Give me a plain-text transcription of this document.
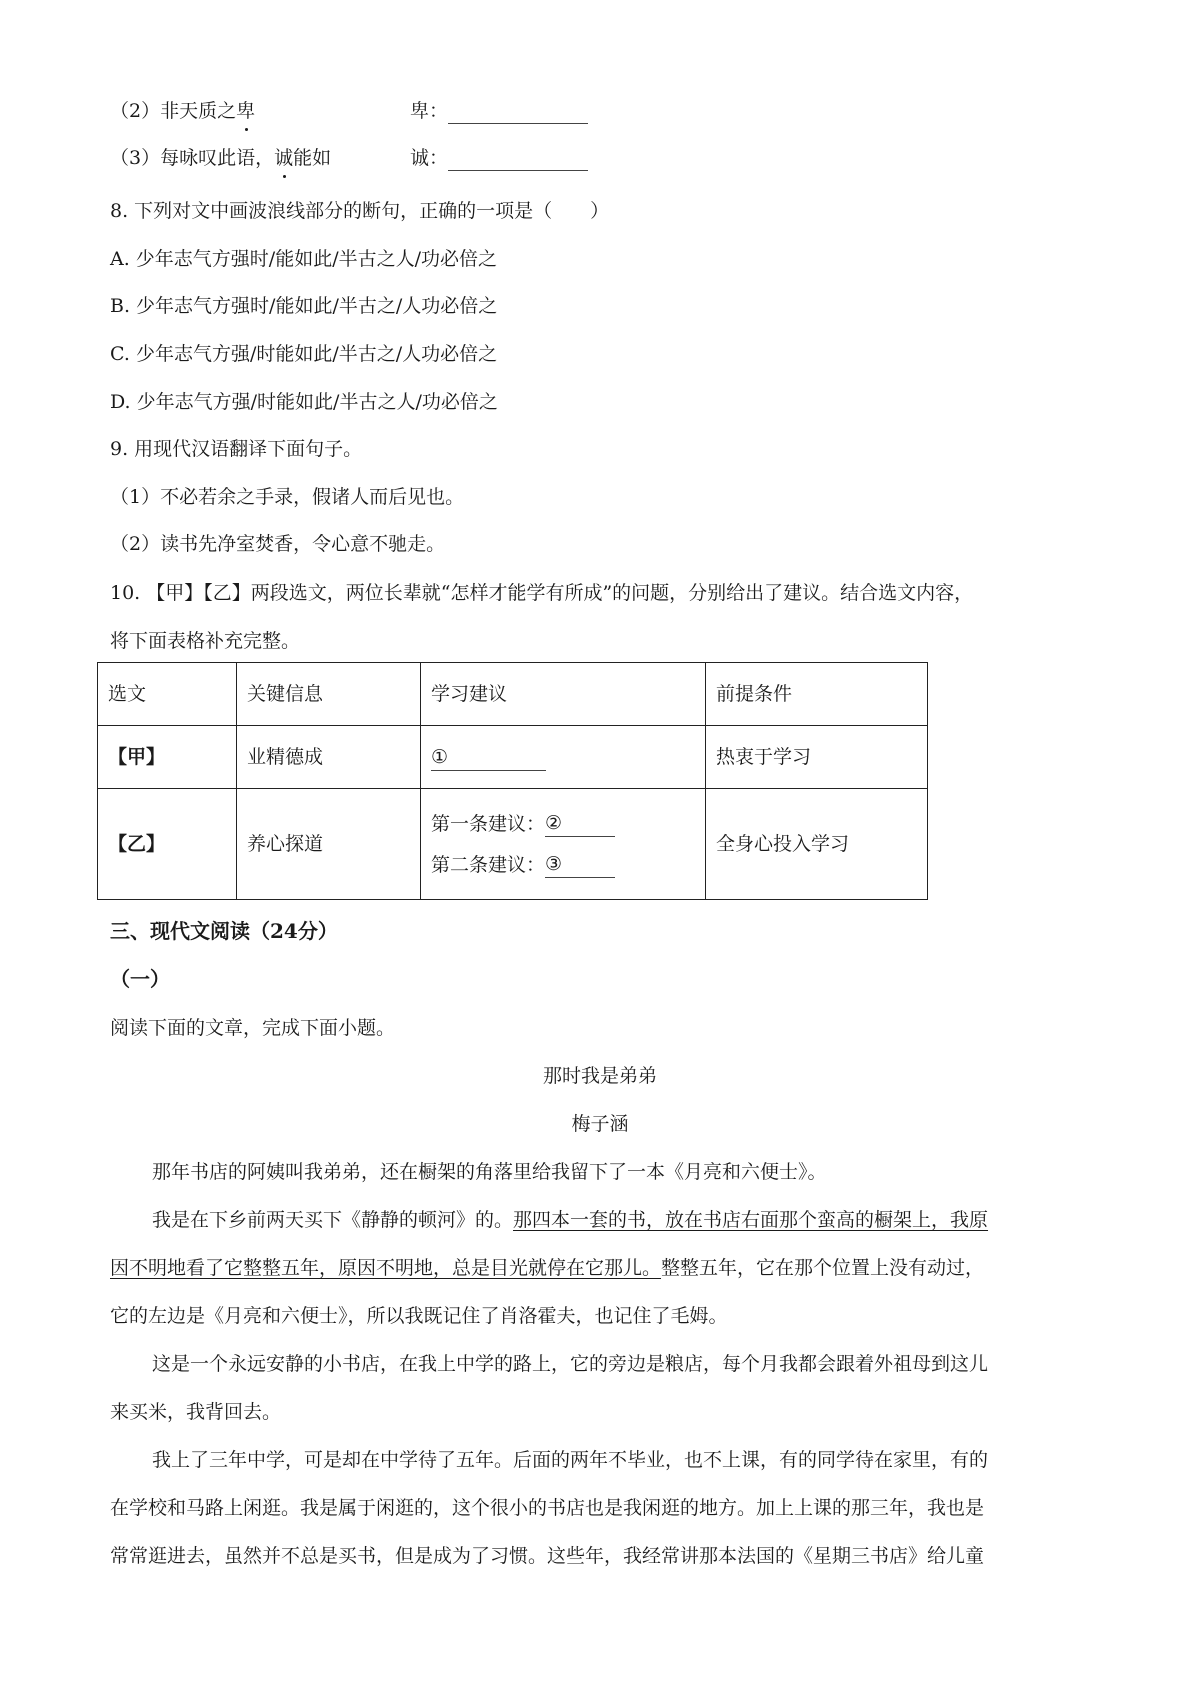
（2）非天质之卑	卑：
（3）每咏叹此语，诚能如	诚：
8. 下列对文中画波浪线部分的断句，正确的一项是（　　）
A. 少年志气方强时/能如此/半古之人/功必倍之
B. 少年志气方强时/能如此/半古之/人功必倍之
C. 少年志气方强/时能如此/半古之/人功必倍之
D. 少年志气方强/时能如此/半古之人/功必倍之
9. 用现代汉语翻译下面句子。
（1）不必若余之手录，假诸人而后见也。
（2）读书先净室焚香，令心意不驰走。
10. 【甲】【乙】两段选文，两位长辈就“怎样才能学有所成”的问题，分别给出了建议。结合选文内容，
将下面表格补充完整。
选文	关键信息	学习建议	前提条件
【甲】	业精德成	①	热衷于学习
【乙】	养心探道	第一条建议：②
第二条建议：③	全身心投入学习
三、现代文阅读（24分）
（一）
阅读下面的文章，完成下面小题。
那时我是弟弟
梅子涵
那年书店的阿姨叫我弟弟，还在橱架的角落里给我留下了一本《月亮和六便士》。
我是在下乡前两天买下《静静的顿河》的。那四本一套的书，放在书店右面那个蛮高的橱架上，我原
因不明地看了它整整五年，原因不明地，总是目光就停在它那儿。整整五年，它在那个位置上没有动过，
它的左边是《月亮和六便士》，所以我既记住了肖洛霍夫，也记住了毛姆。
这是一个永远安静的小书店，在我上中学的路上，它的旁边是粮店，每个月我都会跟着外祖母到这儿
来买米，我背回去。
我上了三年中学，可是却在中学待了五年。后面的两年不毕业，也不上课，有的同学待在家里，有的
在学校和马路上闲逛。我是属于闲逛的，这个很小的书店也是我闲逛的地方。加上上课的那三年，我也是
常常逛进去，虽然并不总是买书，但是成为了习惯。这些年，我经常讲那本法国的《星期三书店》给儿童
